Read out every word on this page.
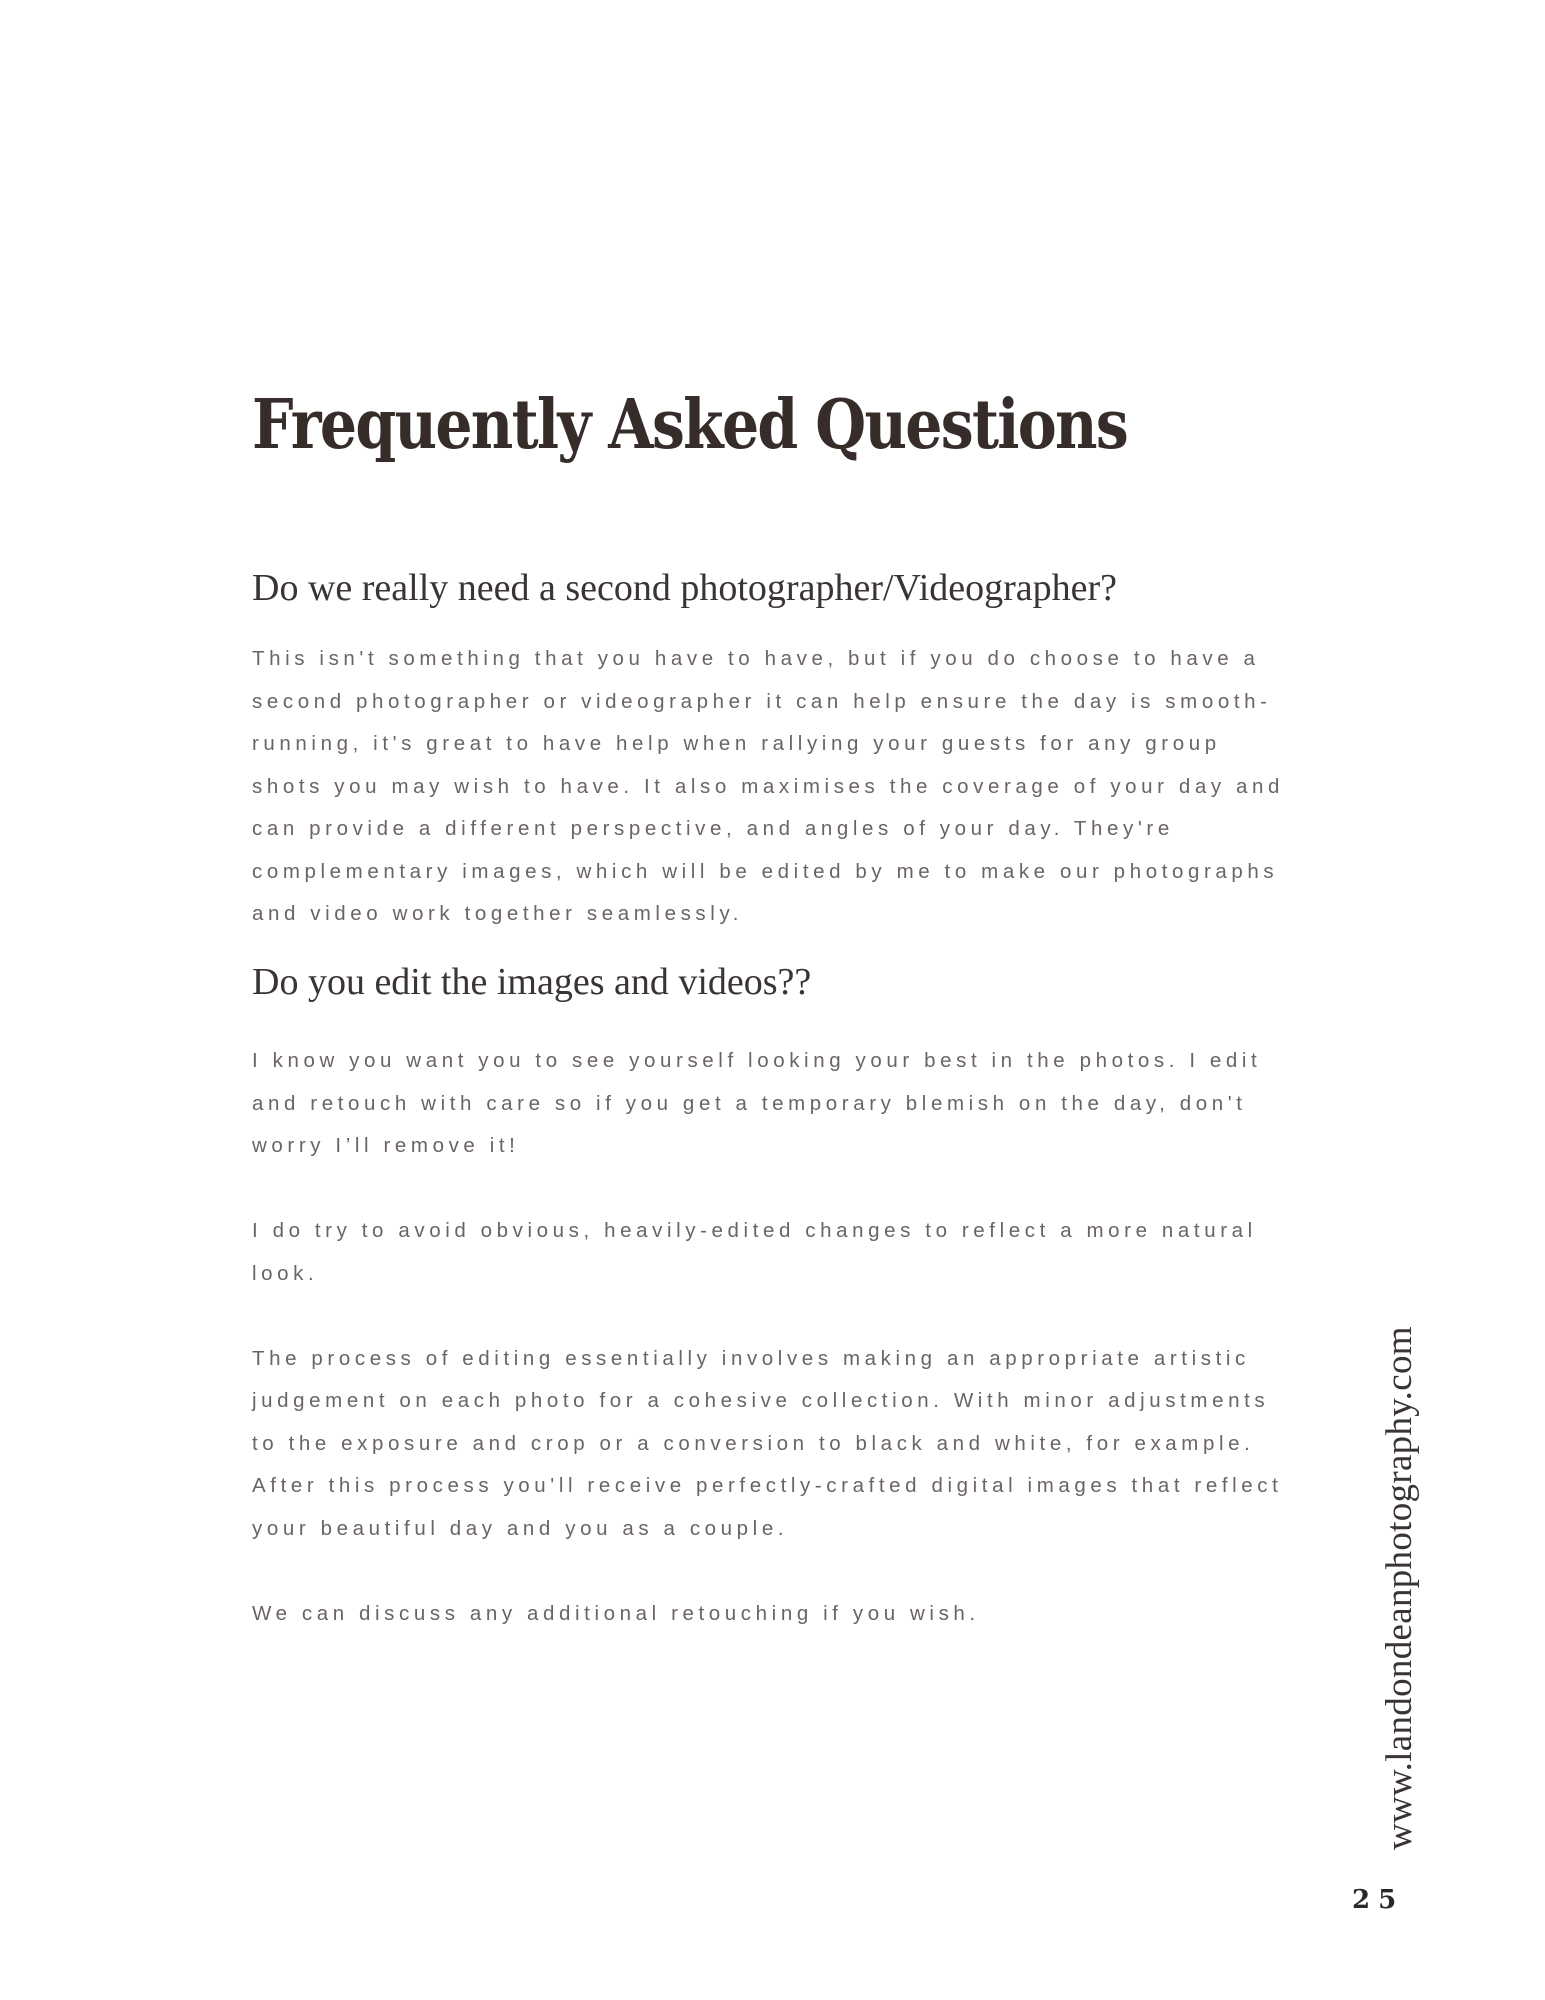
Frequently Asked Questions
Do we really need a second photographer/Videographer?

This isn't something that you have to have, but if you do choose to have a second photographer or videographer it can help ensure the day is smooth-running, it's great to have help when rallying your guests for any group shots you may wish to have. It also maximises the coverage of your day and can provide a different perspective, and angles of your day. They're complementary images, which will be edited by me to make our photographs and video work together seamlessly.

Do you edit the images and videos??

I know you want you to see yourself looking your best in the photos. I edit and retouch with care so if you get a temporary blemish on the day, don't worry I’ll remove it!

I do try to avoid obvious, heavily-edited changes to reflect a more natural look.

The process of editing essentially involves making an appropriate artistic judgement on each photo for a cohesive collection. With minor adjustments to the exposure and crop or a conversion to black and white, for example. After this process you'll receive perfectly-crafted digital images that reflect your beautiful day and you as a couple.

We can discuss any additional retouching if you wish.	www.landondeanphotography.com
25
